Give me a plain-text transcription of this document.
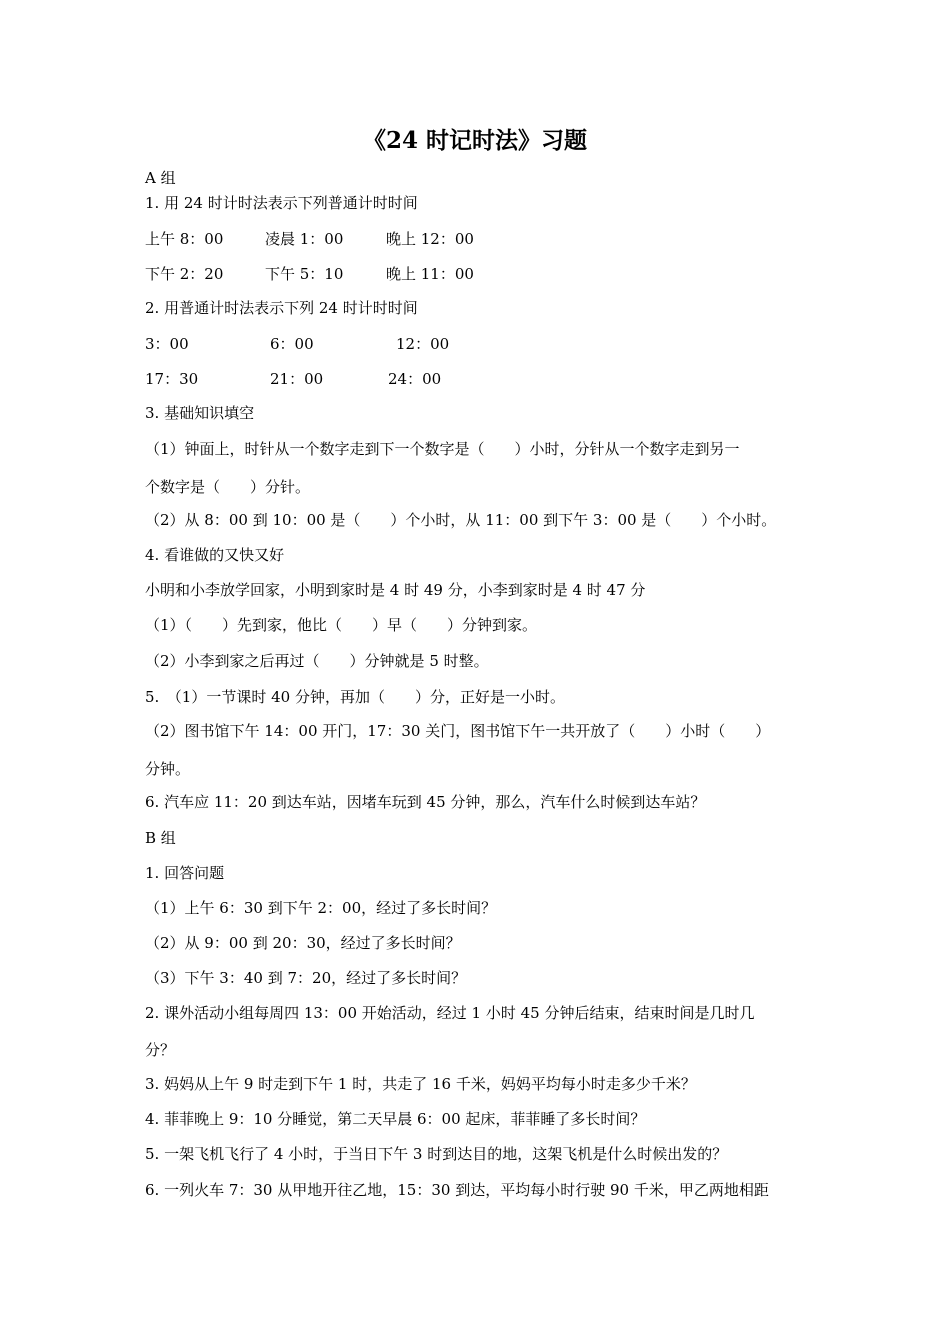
《24 时记时法》习题
A 组
1. 用 24 时计时法表示下列普通计时时间
上午 8：00	凌晨 1：00	晚上 12：00
下午 2：20	下午 5：10	晚上 11：00
2. 用普通计时法表示下列 24 时计时时间
3：00	6：00	12：00
17：30	21：00	24：00
3. 基础知识填空
（1）钟面上，时针从一个数字走到下一个数字是（　　）小时，分针从一个数字走到另一
个数字是（　　）分针。
（2）从 8：00 到 10：00 是（　　）个小时，从 11：00 到下午 3：00 是（　　）个小时。
4. 看谁做的又快又好
小明和小李放学回家，小明到家时是 4 时 49 分，小李到家时是 4 时 47 分
（1）（　　）先到家，他比（　　）早（　　）分钟到家。
（2）小李到家之后再过（　　）分钟就是 5 时整。
5.　（1）一节课时 40 分钟，再加（　　）分，正好是一小时。
（2）图书馆下午 14：00 开门，17：30 关门，图书馆下午一共开放了（　　）小时（　　）
分钟。
6. 汽车应 11：20 到达车站，因堵车玩到 45 分钟，那么，汽车什么时候到达车站？
B 组
1. 回答问题
（1）上午 6：30 到下午 2：00，经过了多长时间？
（2）从 9：00 到 20：30，经过了多长时间？
（3）下午 3：40 到 7：20，经过了多长时间？
2. 课外活动小组每周四 13：00 开始活动，经过 1 小时 45 分钟后结束，结束时间是几时几
分？
3. 妈妈从上午 9 时走到下午 1 时，共走了 16 千米，妈妈平均每小时走多少千米？
4. 菲菲晚上 9：10 分睡觉，第二天早晨 6：00 起床，菲菲睡了多长时间？
5. 一架飞机飞行了 4 小时，于当日下午 3 时到达目的地，这架飞机是什么时候出发的？
6. 一列火车 7：30 从甲地开往乙地，15：30 到达，平均每小时行驶 90 千米，甲乙两地相距
